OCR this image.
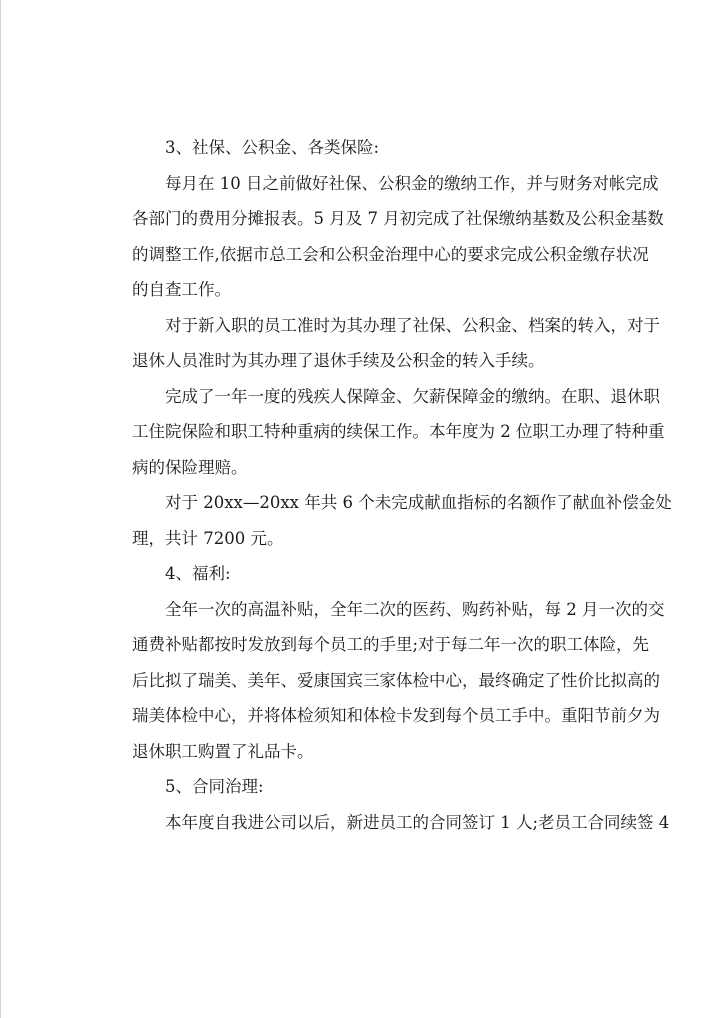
3、社保、公积金、各类保险:
每月在 10 日之前做好社保、公积金的缴纳工作，并与财务对帐完成
各部门的费用分摊报表。5 月及 7 月初完成了社保缴纳基数及公积金基数
的调整工作,依据市总工会和公积金治理中心的要求完成公积金缴存状况
的自查工作。
对于新入职的员工准时为其办理了社保、公积金、档案的转入，对于
退休人员准时为其办理了退休手续及公积金的转入手续。
完成了一年一度的残疾人保障金、欠薪保障金的缴纳。在职、退休职
工住院保险和职工特种重病的续保工作。本年度为 2 位职工办理了特种重
病的保险理赔。
对于 20xx—20xx 年共 6 个未完成献血指标的名额作了献血补偿金处
理，共计 7200 元。
4、福利:
全年一次的高温补贴，全年二次的医药、购药补贴，每 2 月一次的交
通费补贴都按时发放到每个员工的手里;对于每二年一次的职工体险，先
后比拟了瑞美、美年、爱康国宾三家体检中心，最终确定了性价比拟高的
瑞美体检中心，并将体检须知和体检卡发到每个员工手中。重阳节前夕为
退休职工购置了礼品卡。
5、合同治理:
本年度自我进公司以后，新进员工的合同签订 1 人;老员工合同续签 4
